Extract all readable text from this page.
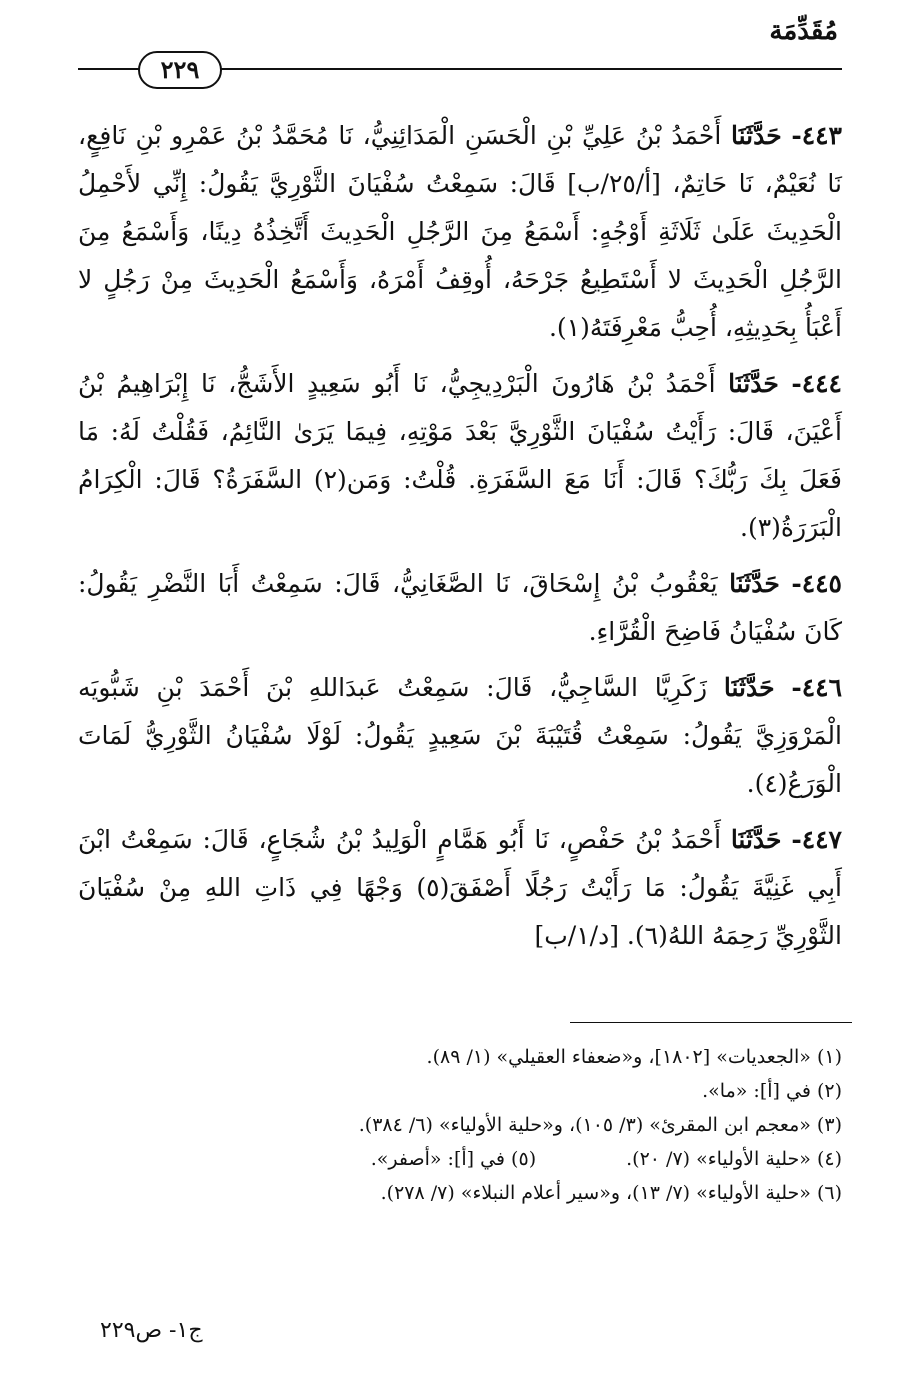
مُقَدِّمَة
٢٢٩

٤٤٣- حَدَّثَنَا أَحْمَدُ بْنُ عَلِيِّ بْنِ الْحَسَنِ الْمَدَائِنِيُّ، نَا مُحَمَّدُ بْنُ عَمْرِو بْنِ نَافِعٍ، نَا نُعَيْمٌ، نَا حَاتِمٌ، [أ/٢٥/ب] قَالَ: سَمِعْتُ سُفْيَانَ الثَّوْرِيَّ يَقُولُ: إِنِّي لأَحْمِلُ الْحَدِيثَ عَلَىٰ ثَلَاثَةِ أَوْجُهٍ: أَسْمَعُ مِنَ الرَّجُلِ الْحَدِيثَ أَتَّخِذُهُ دِينًا، وَأَسْمَعُ مِنَ الرَّجُلِ الْحَدِيثَ لا أَسْتَطِيعُ جَرْحَهُ، أُوقِفُ أَمْرَهُ، وَأَسْمَعُ الْحَدِيثَ مِنْ رَجُلٍ لا أَعْبَأُ بِحَدِيثِهِ، أُحِبُّ مَعْرِفَتَهُ(١).

٤٤٤- حَدَّثَنَا أَحْمَدُ بْنُ هَارُونَ الْبَرْدِيجِيُّ، نَا أَبُو سَعِيدٍ الأَشَجُّ، نَا إِبْرَاهِيمُ بْنُ أَعْيَنَ، قَالَ: رَأَيْتُ سُفْيَانَ الثَّوْرِيَّ بَعْدَ مَوْتِهِ، فِيمَا يَرَىٰ النَّائِمُ، فَقُلْتُ لَهُ: مَا فَعَلَ بِكَ رَبُّكَ؟ قَالَ: أَنَا مَعَ السَّفَرَةِ. قُلْتُ: وَمَن(٢) السَّفَرَةُ؟ قَالَ: الْكِرَامُ الْبَرَرَةُ(٣).

٤٤٥- حَدَّثَنَا يَعْقُوبُ بْنُ إِسْحَاقَ، نَا الصَّغَانِيُّ، قَالَ: سَمِعْتُ أَبَا النَّضْرِ يَقُولُ: كَانَ سُفْيَانُ فَاضِحَ الْقُرَّاءِ.

٤٤٦- حَدَّثَنَا زَكَرِيَّا السَّاجِيُّ، قَالَ: سَمِعْتُ عَبدَاللهِ بْنَ أَحْمَدَ بْنِ شَبُّويَه الْمَرْوَزِيَّ يَقُولُ: سَمِعْتُ قُتَيْبَةَ بْنَ سَعِيدٍ يَقُولُ: لَوْلَا سُفْيَانُ الثَّوْرِيُّ لَمَاتَ الْوَرَعُ(٤).

٤٤٧- حَدَّثَنَا أَحْمَدُ بْنُ حَفْصٍ، نَا أَبُو هَمَّامٍ الْوَلِيدُ بْنُ شُجَاعٍ، قَالَ: سَمِعْتُ ابْنَ أَبِي غَنِيَّةَ يَقُولُ: مَا رَأَيْتُ رَجُلًا أَصْفَقَ(٥) وَجْهًا فِي ذَاتِ اللهِ مِنْ سُفْيَانَ الثَّوْرِيِّ رَحِمَهُ اللهُ(٦). [د/١/ب]

(١) «الجعديات» [١٨٠٢]، و«ضعفاء العقيلي» (١/ ٨٩).

(٢) في [أ]: «ما».

(٣) «معجم ابن المقرئ» (٣/ ١٠٥)، و«حلية الأولياء» (٦/ ٣٨٤).

(٤) «حلية الأولياء» (٧/ ٢٠).
(٥) في [أ]: «أصفر».

(٦) «حلية الأولياء» (٧/ ١٣)، و«سير أعلام النبلاء» (٧/ ٢٧٨).

ج١- ص٢٢٩
